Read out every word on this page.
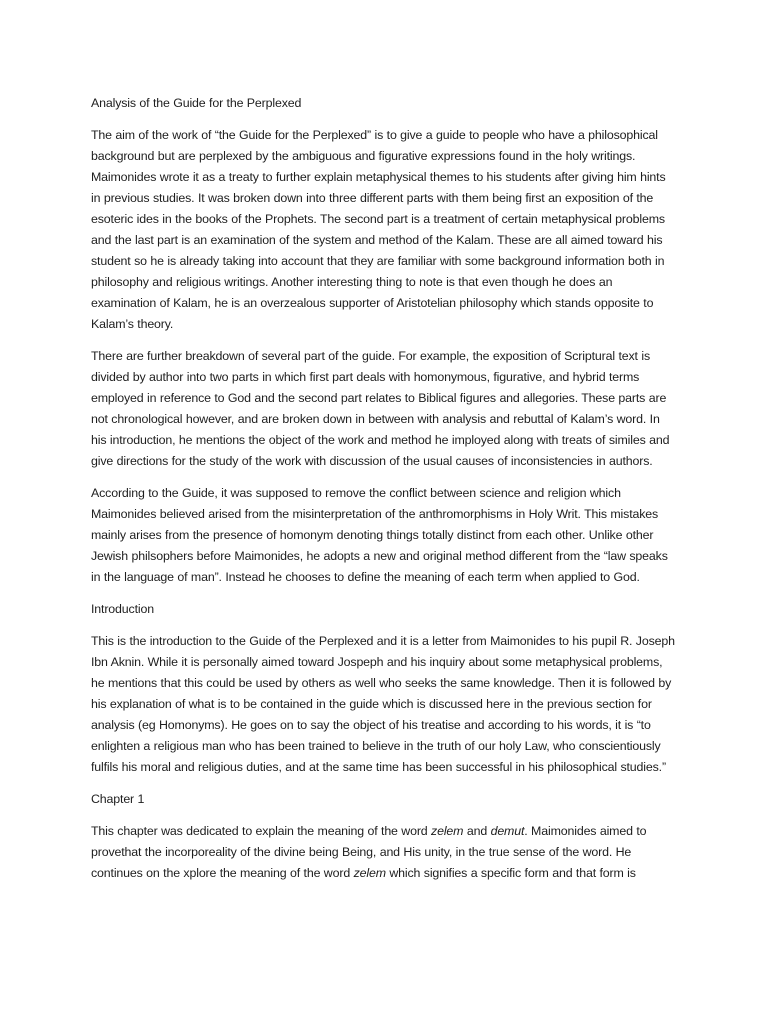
Analysis of the Guide for the Perplexed

The aim of the work of “the Guide for the Perplexed” is to give a guide to people who have a philosophical background but are perplexed by the ambiguous and figurative expressions found in the holy writings. Maimonides wrote it as a treaty to further explain metaphysical themes to his students after giving him hints in previous studies. It was broken down into three different parts with them being first an exposition of the esoteric ides in the books of the Prophets. The second part is a treatment of certain metaphysical problems and the last part is an examination of the system and method of the Kalam. These are all aimed toward his student so he is already taking into account that they are familiar with some background information both in philosophy and religious writings. Another interesting thing to note is that even though he does an examination of Kalam, he is an overzealous supporter of Aristotelian philosophy which stands opposite to Kalam’s theory.

There are further breakdown of several part of the guide. For example, the exposition of Scriptural text is divided by author into two parts in which first part deals with homonymous, figurative, and hybrid terms employed in reference to God and the second part relates to Biblical figures and allegories. These parts are not chronological however, and are broken down in between with analysis and rebuttal of Kalam’s word. In his introduction, he mentions the object of the work and method he imployed along with treats of similes and give directions for the study of the work with discussion of the usual causes of inconsistencies in authors.

According to the Guide, it was supposed to remove the conflict between science and religion which Maimonides believed arised from the misinterpretation of the anthromorphisms in Holy Writ. This mistakes mainly arises from the presence of homonym denoting things totally distinct from each other. Unlike other Jewish philsophers before Maimonides, he adopts a new and original method different from the “law speaks in the language of man”. Instead he chooses to define the meaning of each term when applied to God.

Introduction

This is the introduction to the Guide of the Perplexed and it is a letter from Maimonides to his pupil R. Joseph Ibn Aknin. While it is personally aimed toward Jospeph and his inquiry about some metaphysical problems, he mentions that this could be used by others as well who seeks the same knowledge. Then it is followed by his explanation of what is to be contained in the guide which is discussed here in the previous section for analysis (eg Homonyms). He goes on to say the object of his treatise and according to his words, it is “to enlighten a religious man who has been trained to believe in the truth of our holy Law, who conscientiously fulfils his moral and religious duties, and at the same time has been successful in his philosophical studies.”

Chapter 1

This chapter was dedicated to explain the meaning of the word zelem and demut. Maimonides aimed to provethat the incorporeality of the divine being Being, and His unity, in the true sense of the word. He continues on the xplore the meaning of the word zelem which signifies a specific form and that form is
